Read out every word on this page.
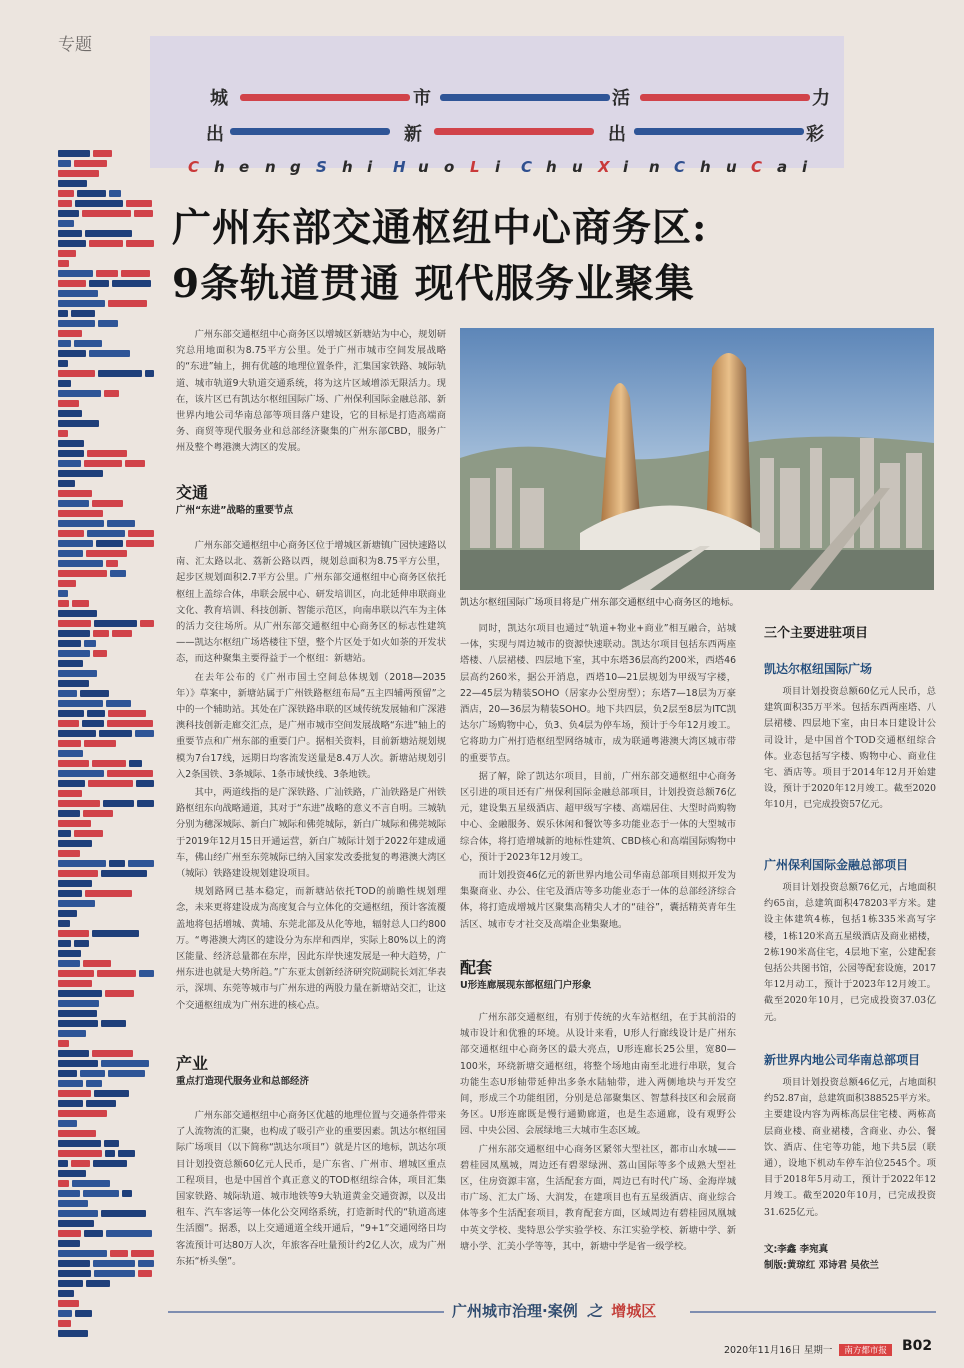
专题
城	市	活	力
出	新	出	彩
C h e n g S h i H u o L i C h u X i n C h u C a i
广州东部交通枢纽中心商务区:
9条轨道贯通 现代服务业聚集

广州东部交通枢纽中心商务区以增城区新塘站为中心，规划研究总用地面积为8.75平方公里。处于广州市城市空间发展战略的“东进”轴上，拥有优越的地理位置条件，汇集国家铁路、城际轨道、城市轨道9大轨道交通系统，将为这片区域增添无限活力。现在，该片区已有凯达尔枢纽国际广场、广州保利国际金融总部、新世界内地公司华南总部等项目落户建设，它的目标是打造高端商务、商贸等现代服务业和总部经济聚集的广州东部CBD，服务广州及整个粤港澳大湾区的发展。

交通
广州“东进”战略的重要节点

广州东部交通枢纽中心商务区位于增城区新塘镇广园快速路以南、汇太路以北、荔新公路以西，规划总面积为8.75平方公里，起步区规划面积2.7平方公里。广州东部交通枢纽中心商务区依托枢纽上盖综合体，串联会展中心、研发培训区，向北延伸串联商业文化、教育培训、科技创新、智能示范区，向南串联以汽车为主体的活力交往场所。从广州东部交通枢纽中心商务区的标志性建筑——凯达尔枢纽广场塔楼往下望，整个片区处于如火如荼的开发状态，而这种聚集主要得益于一个枢纽：新塘站。

在去年公布的《广州市国土空间总体规划（2018—2035年）》草案中，新塘站属于广州铁路枢纽布局“五主四辅两预留”之中的一个辅助站。其处在广深铁路串联的区域传统发展轴和广深港澳科技创新走廊交汇点，是广州市城市空间发展战略“东进”轴上的重要节点和广州东部的重要门户。据相关资料，目前新塘站规划规模为7台17线，远期日均客流发送量是8.4万人次。新塘站规划引入2条国铁、3条城际、1条市域快线、3条地铁。

其中，两道线指的是广深铁路、广汕铁路，广汕铁路是广州铁路枢纽东向战略通道，其对于“东进”战略的意义不言自明。三城轨分别为穗深城际、新白广城际和佛莞城际，新白广城际和佛莞城际于2019年12月15日开通运营，新白广城际计划于2022年建成通车，佛山经广州至东莞城际已纳入国家发改委批复的粤港澳大湾区（城际）铁路建设规划建设项目。

规划路网已基本稳定，而新塘站依托TOD的前瞻性规划理念，未来更将建设成为高度复合与立体化的交通枢纽，预计客流覆盖地将包括增城、黄埔、东莞北部及从化等地，辐射总人口约800万。“粤港澳大湾区的建设分为东岸和西岸，实际上80%以上的湾区能量、经济总量都在东岸，因此东岸快速发展是一种大趋势，广州东进也就是大势所趋。”广东亚太创新经济研究院副院长刘汇华表示，深圳、东莞等城市与广州东进的两股力量在新塘站交汇，让这个交通枢纽成为广州东进的核心点。

产业
重点打造现代服务业和总部经济

广州东部交通枢纽中心商务区优越的地理位置与交通条件带来了人流物流的汇聚，也构成了吸引产业的重要因素。凯达尔枢纽国际广场项目（以下简称“凯达尔项目”）就是片区的地标，凯达尔项目计划投资总额60亿元人民币，是广东省、广州市、增城区重点工程项目，也是中国首个真正意义的TOD枢纽综合体，项目汇集国家铁路、城际轨道、城市地铁等9大轨道黄金交通资源，以及出租车、汽车客运等一体化公交网络系统，打造新时代的“轨道高速生活圈”。据悉，以上交通通道全线开通后，“9+1”交通网络日均客流预计可达80万人次，年旅客吞吐量预计约2亿人次，成为广州东拓“桥头堡”。

凯达尔枢纽国际广场项目将是广州东部交通枢纽中心商务区的地标。

同时，凯达尔项目也通过“轨道+物业+商业”相互融合，站城一体，实现与周边城市的资源快速联动。凯达尔项目包括东西两座塔楼、八层裙楼、四层地下室，其中东塔36层高约200米，西塔46层高约260米，据公开消息，西塔10—21层规划为甲级写字楼，22—45层为精装SOHO（居家办公型房型）；东塔7—18层为万豪酒店，20—36层为精装SOHO。地下共四层，负2层至8层为ITC凯达尔广场购物中心，负3、负4层为停车场，预计于今年12月竣工。它将助力广州打造枢纽型网络城市，成为联通粤港澳大湾区城市带的重要节点。

据了解，除了凯达尔项目，目前，广州东部交通枢纽中心商务区引进的项目还有广州保利国际金融总部项目，计划投资总额76亿元，建设集五星级酒店、超甲级写字楼、高端居住、大型时尚购物中心、金融服务、娱乐休闲和餐饮等多功能业态于一体的大型城市综合体，将打造增城新的地标性建筑、CBD核心和高端国际购物中心，预计于2023年12月竣工。

而计划投资46亿元的新世界内地公司华南总部项目则拟开发为集聚商业、办公、住宅及酒店等多功能业态于一体的总部经济综合体，将打造成增城片区聚集高精尖人才的“硅谷”，囊括精英青年生活区、城市专才社交及高端企业集聚地。

配套
U形连廊展现东部枢纽门户形象

广州东部交通枢纽，有别于传统的火车站枢纽，在于其前沿的城市设计和优雅的环境。从设计来看，U形人行廊线设计是广州东部交通枢纽中心商务区的最大亮点，U形连廊长25公里，宽80—100米，环绕新塘交通枢纽，将整个场地由南至北进行串联，复合功能生态U形轴带延伸出多条水陆轴带，进入两侧地块与开发空间，形成三个功能组团，分别是总部聚集区、智慧科技区和会展商务区。U形连廊既是慢行通勤廊道，也是生态通廊，设有观野公园、中央公园、会展绿地三大城市生态区域。

广州东部交通枢纽中心商务区紧邻大型社区，都市山水城——碧桂园凤凰城，周边还有碧翠绿洲、荔山国际等多个成熟大型社区，住房资源丰富，生活配套方面，周边已有时代广场、金海岸城市广场、汇太广场、大润发，在建项目也有五星级酒店、商业综合体等多个生活配套项目，教育配套方面，区域周边有碧桂园凤凰城中英文学校、斐特思公学实验学校、东江实验学校、新塘中学、新塘小学、汇美小学等等，其中，新塘中学是省一级学校。

三个主要进驻项目
凯达尔枢纽国际广场
项目计划投资总额60亿元人民币，总建筑面积35万平米。包括东西两座塔、八层裙楼、四层地下室，由日本日建设计公司设计，是中国首个TOD交通枢纽综合体。业态包括写字楼、购物中心、商业住宅、酒店等。项目于2014年12月开始建设，预计于2020年12月竣工。截至2020年10月，已完成投资57亿元。
广州保利国际金融总部项目
项目计划投资总额76亿元，占地面积约65亩，总建筑面积478203平方米。建设主体建筑4栋，包括1栋335米高写字楼，1栋120米高五星级酒店及商业裙楼，2栋190米高住宅，4层地下室，公建配套包括公共图书馆，公园等配套设施，2017年12月动工，预计于2023年12月竣工。截至2020年10月，已完成投资37.03亿元。
新世界内地公司华南总部项目
项目计划投资总额46亿元，占地面积约52.87亩，总建筑面积388525平方米。主要建设内容为两栋高层住宅楼、两栋高层商业楼、商业裙楼，含商业、办公、餐饮、酒店、住宅等功能，地下共5层（联通），设地下机动车停车泊位2545个。项目于2018年5月动工，预计于2022年12月竣工。截至2020年10月，已完成投资31.625亿元。
文:李鑫 李宛真
制版:黄琼红 邓诗君 吴依兰
广州城市治理·案例 之 增城区
2020年11月16日 星期一 南方都市报	B02
